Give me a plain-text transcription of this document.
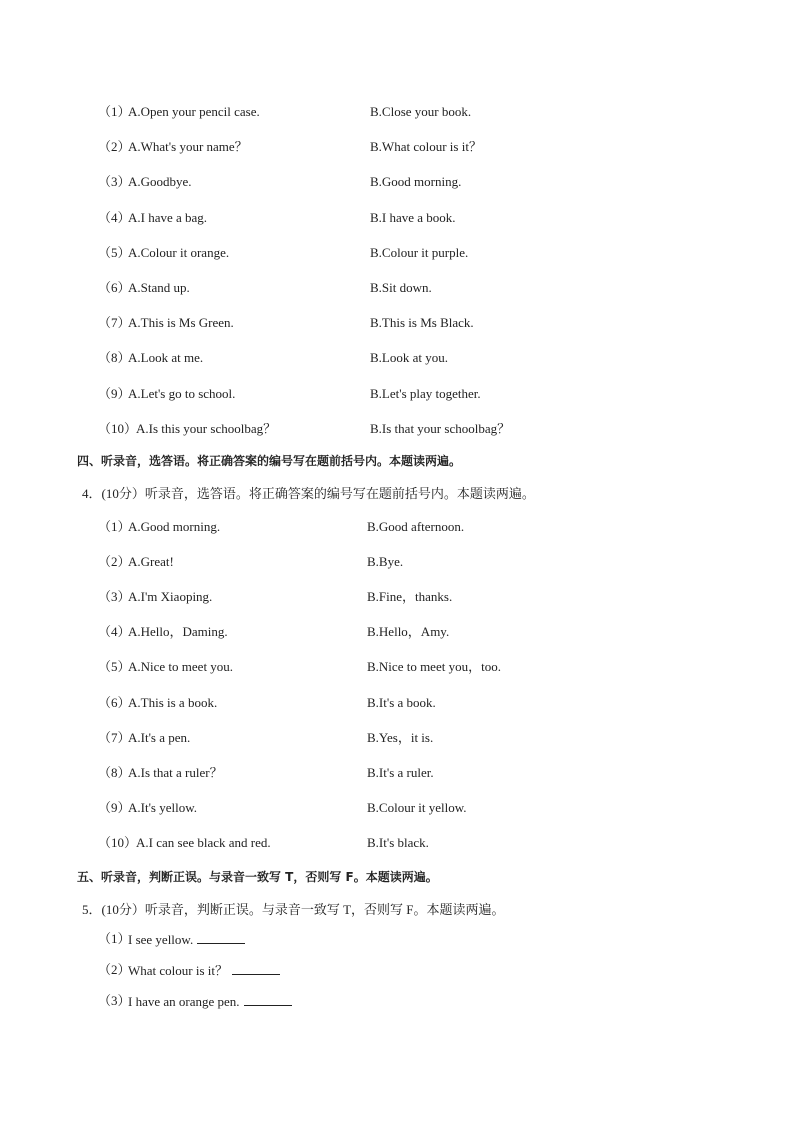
（1）
A.Open your pencil case.	B.Close your book.
（2）
A.What's your name？	B.What colour is it？
（3）
A.Goodbye.	B.Good morning.
（4）
A.I have a bag.	B.I have a book.
（5）
A.Colour it orange.	B.Colour it purple.
（6）
A.Stand up.	B.Sit down.
（7）
A.This is Ms Green.	B.This is Ms Black.
（8）
A.Look at me.	B.Look at you.
（9）
A.Let's go to school.	B.Let's play together.
（10）
A.Is this your schoolbag？	B.Is that your schoolbag？
四、听录音，选答语。将正确答案的编号写在题前括号内。本题读两遍。
4．(10分）听录音，选答语。将正确答案的编号写在题前括号内。本题读两遍。
（1）
A.Good morning.	B.Good afternoon.
（2）
A.Great!	B.Bye.
（3）
A.I'm Xiaoping.	B.Fine，thanks.
（4）
A.Hello，Daming.	B.Hello，Amy.
（5）
A.Nice to meet you.	B.Nice to meet you，too.
（6）
A.This is a book.	B.It's a book.
（7）
A.It's a pen.	B.Yes，it is.
（8）
A.Is that a ruler？	B.It's a ruler.
（9）
A.It's yellow.	B.Colour it yellow.
（10）
A.I can see black and red.	B.It's black.
五、听录音，判断正误。与录音一致写 T，否则写 F。本题读两遍。
5．(10分）听录音，判断正误。与录音一致写 T，否则写 F。本题读两遍。
（1）
I see yellow.
（2）
What colour is it？
（3）
I have an orange pen.
